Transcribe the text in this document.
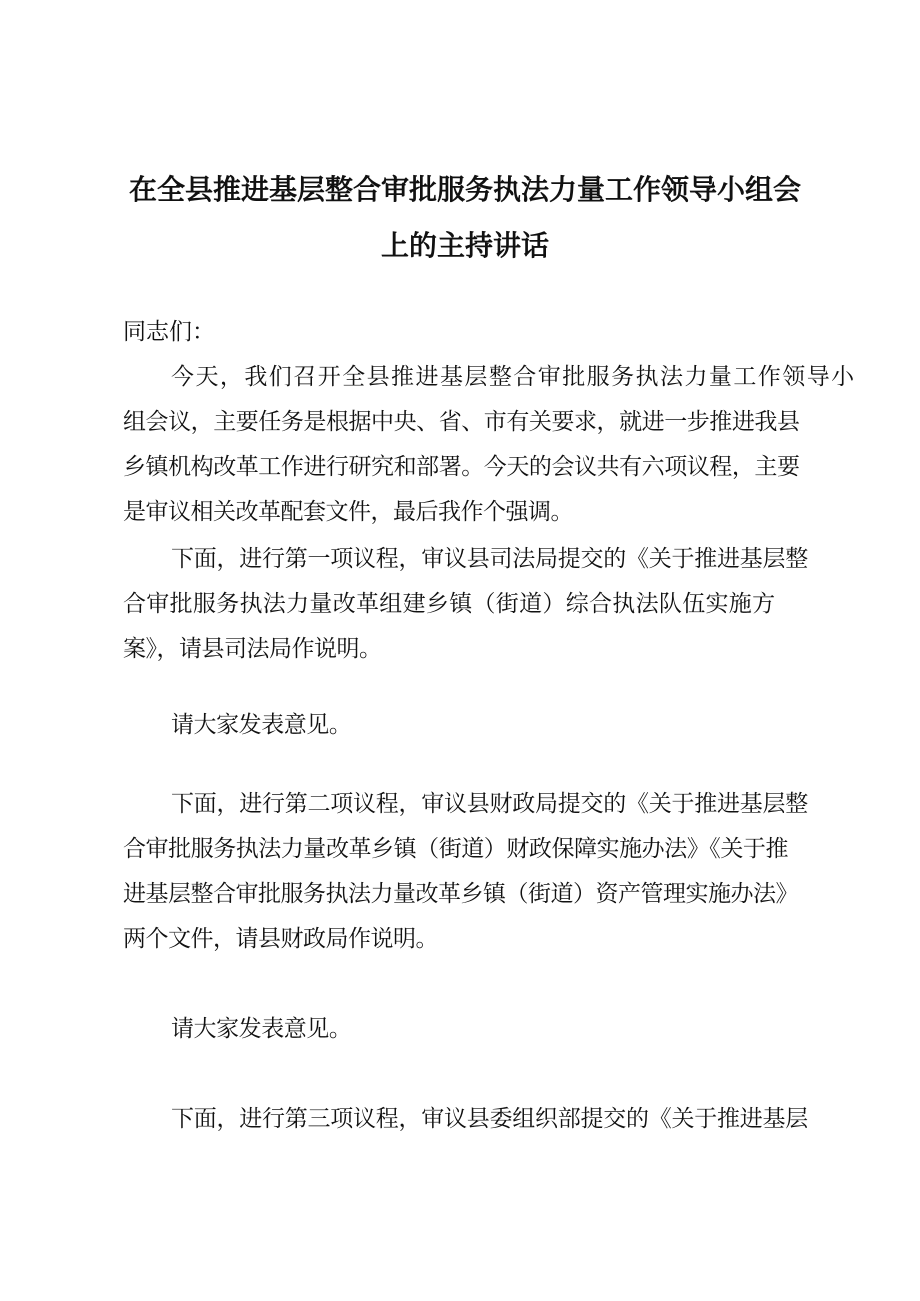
在全县推进基层整合审批服务执法力量工作领导小组会
上的主持讲话
同志们：
今天，我们召开全县推进基层整合审批服务执法力量工作领导小
组会议，主要任务是根据中央、省、市有关要求，就进一步推进我县
乡镇机构改革工作进行研究和部署。今天的会议共有六项议程，主要
是审议相关改革配套文件，最后我作个强调。
下面，进行第一项议程，审议县司法局提交的《关于推进基层整
合审批服务执法力量改革组建乡镇（街道）综合执法队伍实施方
案》，请县司法局作说明。
请大家发表意见。
下面，进行第二项议程，审议县财政局提交的《关于推进基层整
合审批服务执法力量改革乡镇（街道）财政保障实施办法》《关于推
进基层整合审批服务执法力量改革乡镇（街道）资产管理实施办法》
两个文件，请县财政局作说明。
请大家发表意见。
下面，进行第三项议程，审议县委组织部提交的《关于推进基层
